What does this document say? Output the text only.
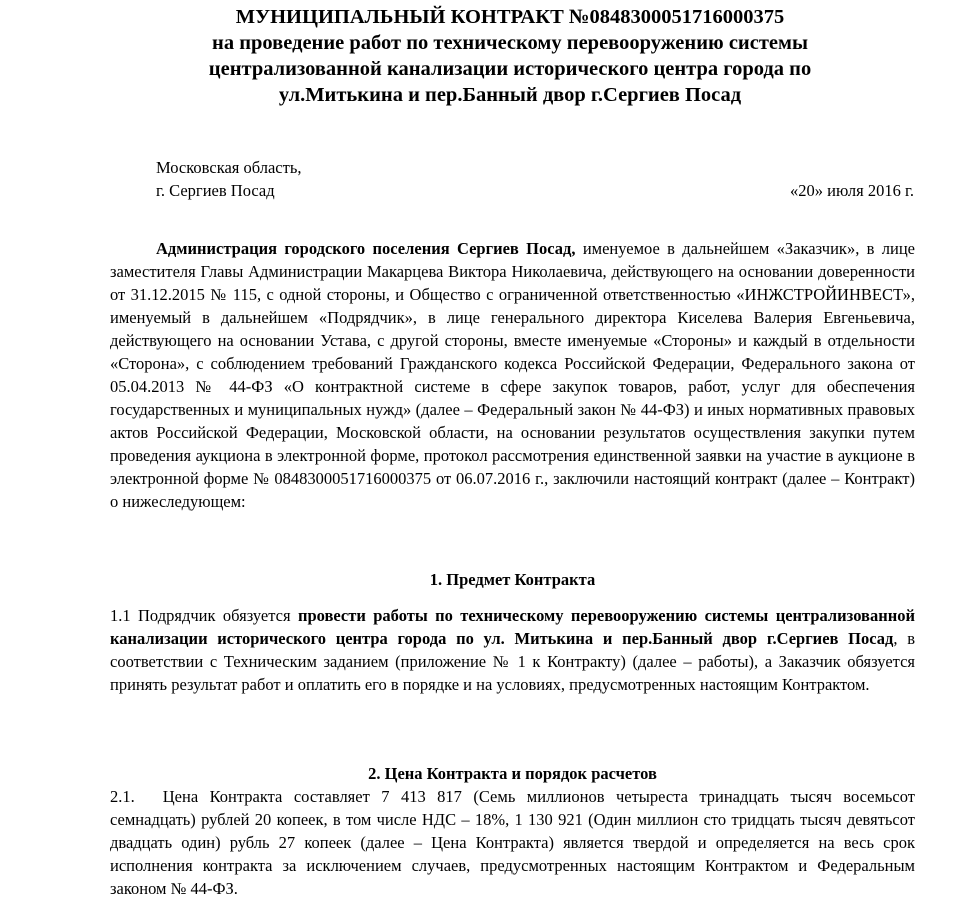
МУНИЦИПАЛЬНЫЙ КОНТРАКТ №0848300051716000375
на проведение работ по техническому перевооружению системы
централизованной канализации исторического центра города по
ул.Митькина и пер.Банный двор г.Сергиев Посад
Московская область,
г. Сергиев Посад	«20» июля 2016 г.
Администрация городского поселения Сергиев Посад, именуемое в дальнейшем «Заказчик», в лице заместителя Главы Администрации Макарцева Виктора Николаевича, действующего на основании доверенности от 31.12.2015 № 115, с одной стороны, и Общество с ограниченной ответственностью «ИНЖСТРОЙИНВЕСТ», именуемый в дальнейшем «Подрядчик», в лице генерального директора Киселева Валерия Евгеньевича, действующего на основании Устава, с другой стороны, вместе именуемые «Стороны» и каждый в отдельности «Сторона», с соблюдением требований Гражданского кодекса Российской Федерации, Федерального закона от 05.04.2013 № 44-ФЗ «О контрактной системе в сфере закупок товаров, работ, услуг для обеспечения государственных и муниципальных нужд» (далее – Федеральный закон № 44-ФЗ) и иных нормативных правовых актов Российской Федерации, Московской области, на основании результатов осуществления закупки путем проведения аукциона в электронной форме, протокол рассмотрения единственной заявки на участие в аукционе в электронной форме № 0848300051716000375 от 06.07.2016 г., заключили настоящий контракт (далее – Контракт) о нижеследующем:
1. Предмет Контракта
1.1 Подрядчик обязуется провести работы по техническому перевооружению системы централизованной канализации исторического центра города по ул. Митькина и пер.Банный двор г.Сергиев Посад, в соответствии с Техническим заданием (приложение № 1 к Контракту) (далее – работы), а Заказчик обязуется принять результат работ и оплатить его в порядке и на условиях, предусмотренных настоящим Контрактом.
2. Цена Контракта и порядок расчетов
2.1. Цена Контракта составляет 7 413 817 (Семь миллионов четыреста тринадцать тысяч восемьсот семнадцать) рублей 20 копеек, в том числе НДС – 18%, 1 130 921 (Один миллион сто тридцать тысяч девятьсот двадцать один) рубль 27 копеек (далее – Цена Контракта) является твердой и определяется на весь срок исполнения контракта за исключением случаев, предусмотренных настоящим Контрактом и Федеральным законом № 44-ФЗ.
